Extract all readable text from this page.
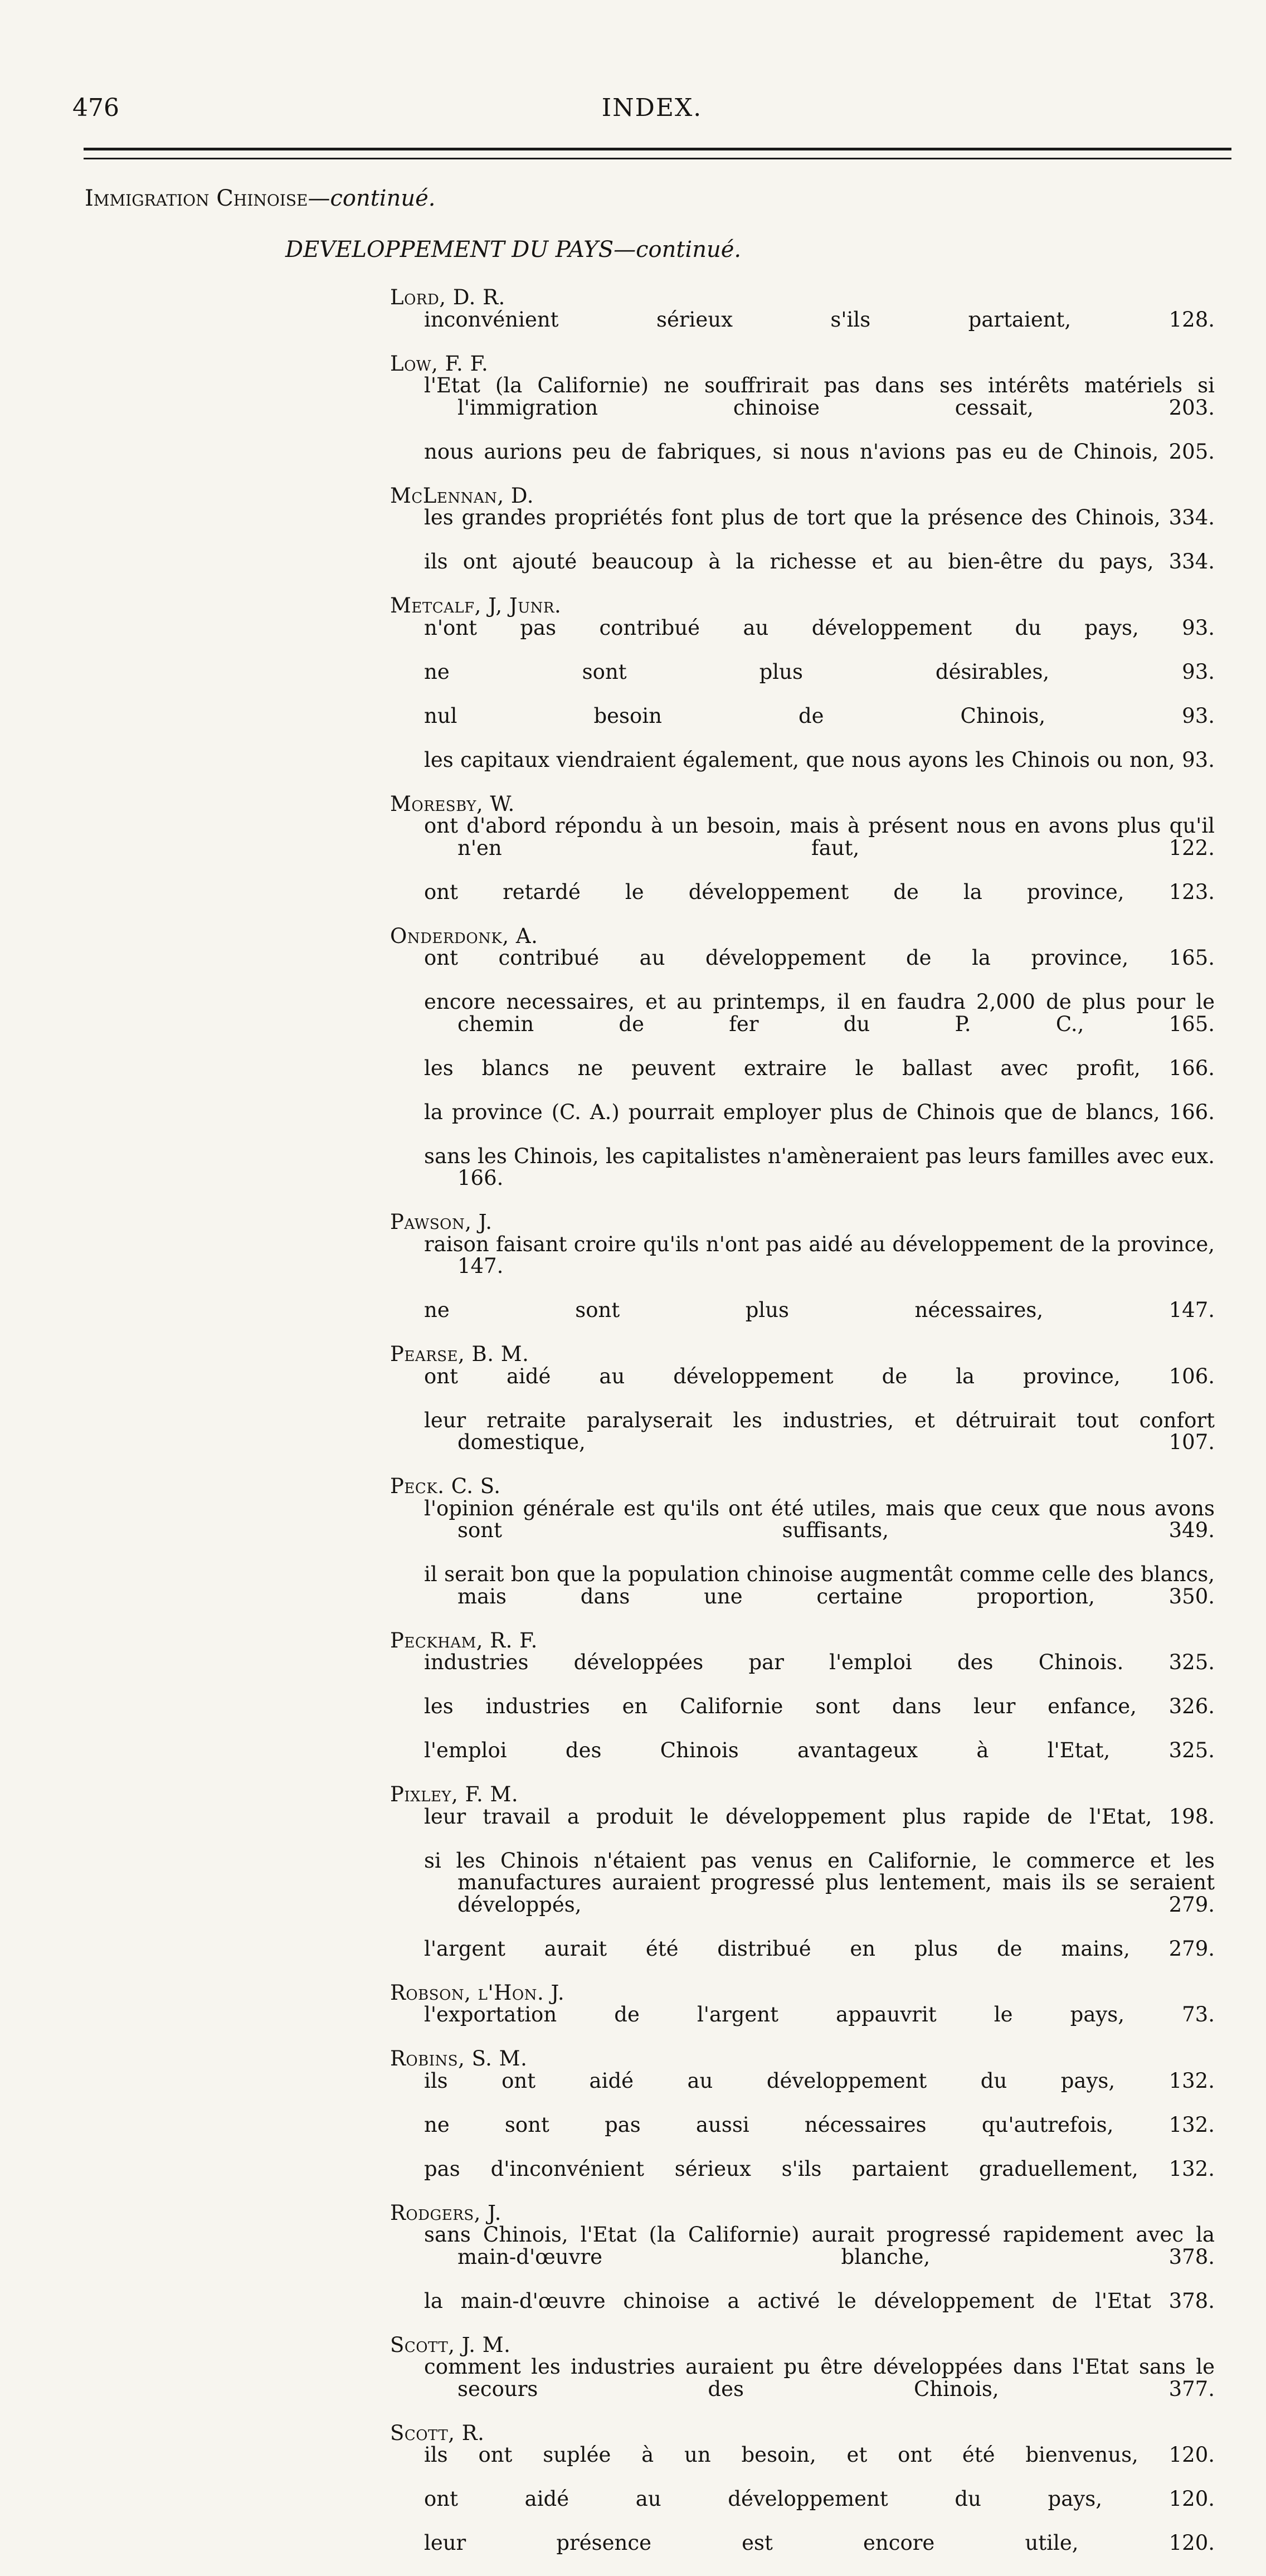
476	INDEX.
Immigration Chinoise—continué.
DEVELOPPEMENT DU PAYS—continué.
Lord, D. R.
inconvénient sérieux s'ils partaient, 128.
Low, F. F.
l'Etat (la Californie) ne souffrirait pas dans ses intérêts matériels si l'immigration chinoise cessait, 203.
nous aurions peu de fabriques, si nous n'avions pas eu de Chinois, 205.
McLennan, D.
les grandes propriétés font plus de tort que la présence des Chinois, 334.
ils ont ajouté beaucoup à la richesse et au bien-être du pays, 334.
Metcalf, J, Junr.
n'ont pas contribué au développement du pays, 93.
ne sont plus désirables, 93.
nul besoin de Chinois, 93.
les capitaux viendraient également, que nous ayons les Chinois ou non, 93.
Moresby, W.
ont d'abord répondu à un besoin, mais à présent nous en avons plus qu'il n'en faut, 122.
ont retardé le développement de la province, 123.
Onderdonk, A.
ont contribué au développement de la province, 165.
encore necessaires, et au printemps, il en faudra 2,000 de plus pour le chemin de fer du P. C., 165.
les blancs ne peuvent extraire le ballast avec profit, 166.
la province (C. A.) pourrait employer plus de Chinois que de blancs, 166.
sans les Chinois, les capitalistes n'amèneraient pas leurs familles avec eux. 166.
Pawson, J.
raison faisant croire qu'ils n'ont pas aidé au développement de la province, 147.
ne sont plus nécessaires, 147.
Pearse, B. M.
ont aidé au développement de la province, 106.
leur retraite paralyserait les industries, et détruirait tout confort domestique, 107.
Peck. C. S.
l'opinion générale est qu'ils ont été utiles, mais que ceux que nous avons sont suffisants, 349.
il serait bon que la population chinoise augmentât comme celle des blancs, mais dans une certaine proportion, 350.
Peckham, R. F.
industries développées par l'emploi des Chinois. 325.
les industries en Californie sont dans leur enfance, 326.
l'emploi des Chinois avantageux à l'Etat, 325.
Pixley, F. M.
leur travail a produit le développement plus rapide de l'Etat, 198.
si les Chinois n'étaient pas venus en Californie, le commerce et les manufactures auraient progressé plus lentement, mais ils se seraient développés, 279.
l'argent aurait été distribué en plus de mains, 279.
Robson, l'Hon. J.
l'exportation de l'argent appauvrit le pays, 73.
Robins, S. M.
ils ont aidé au développement du pays, 132.
ne sont pas aussi nécessaires qu'autrefois, 132.
pas d'inconvénient sérieux s'ils partaient graduellement, 132.
Rodgers, J.
sans Chinois, l'Etat (la Californie) aurait progressé rapidement avec la main-d'œuvre blanche, 378.
la main-d'œuvre chinoise a activé le développement de l'Etat 378.
Scott, J. M.
comment les industries auraient pu être développées dans l'Etat sans le secours des Chinois, 377.
Scott, R.
ils ont suplée à un besoin, et ont été bienvenus, 120.
ont aidé au développement du pays, 120.
leur présence est encore utile, 120.
